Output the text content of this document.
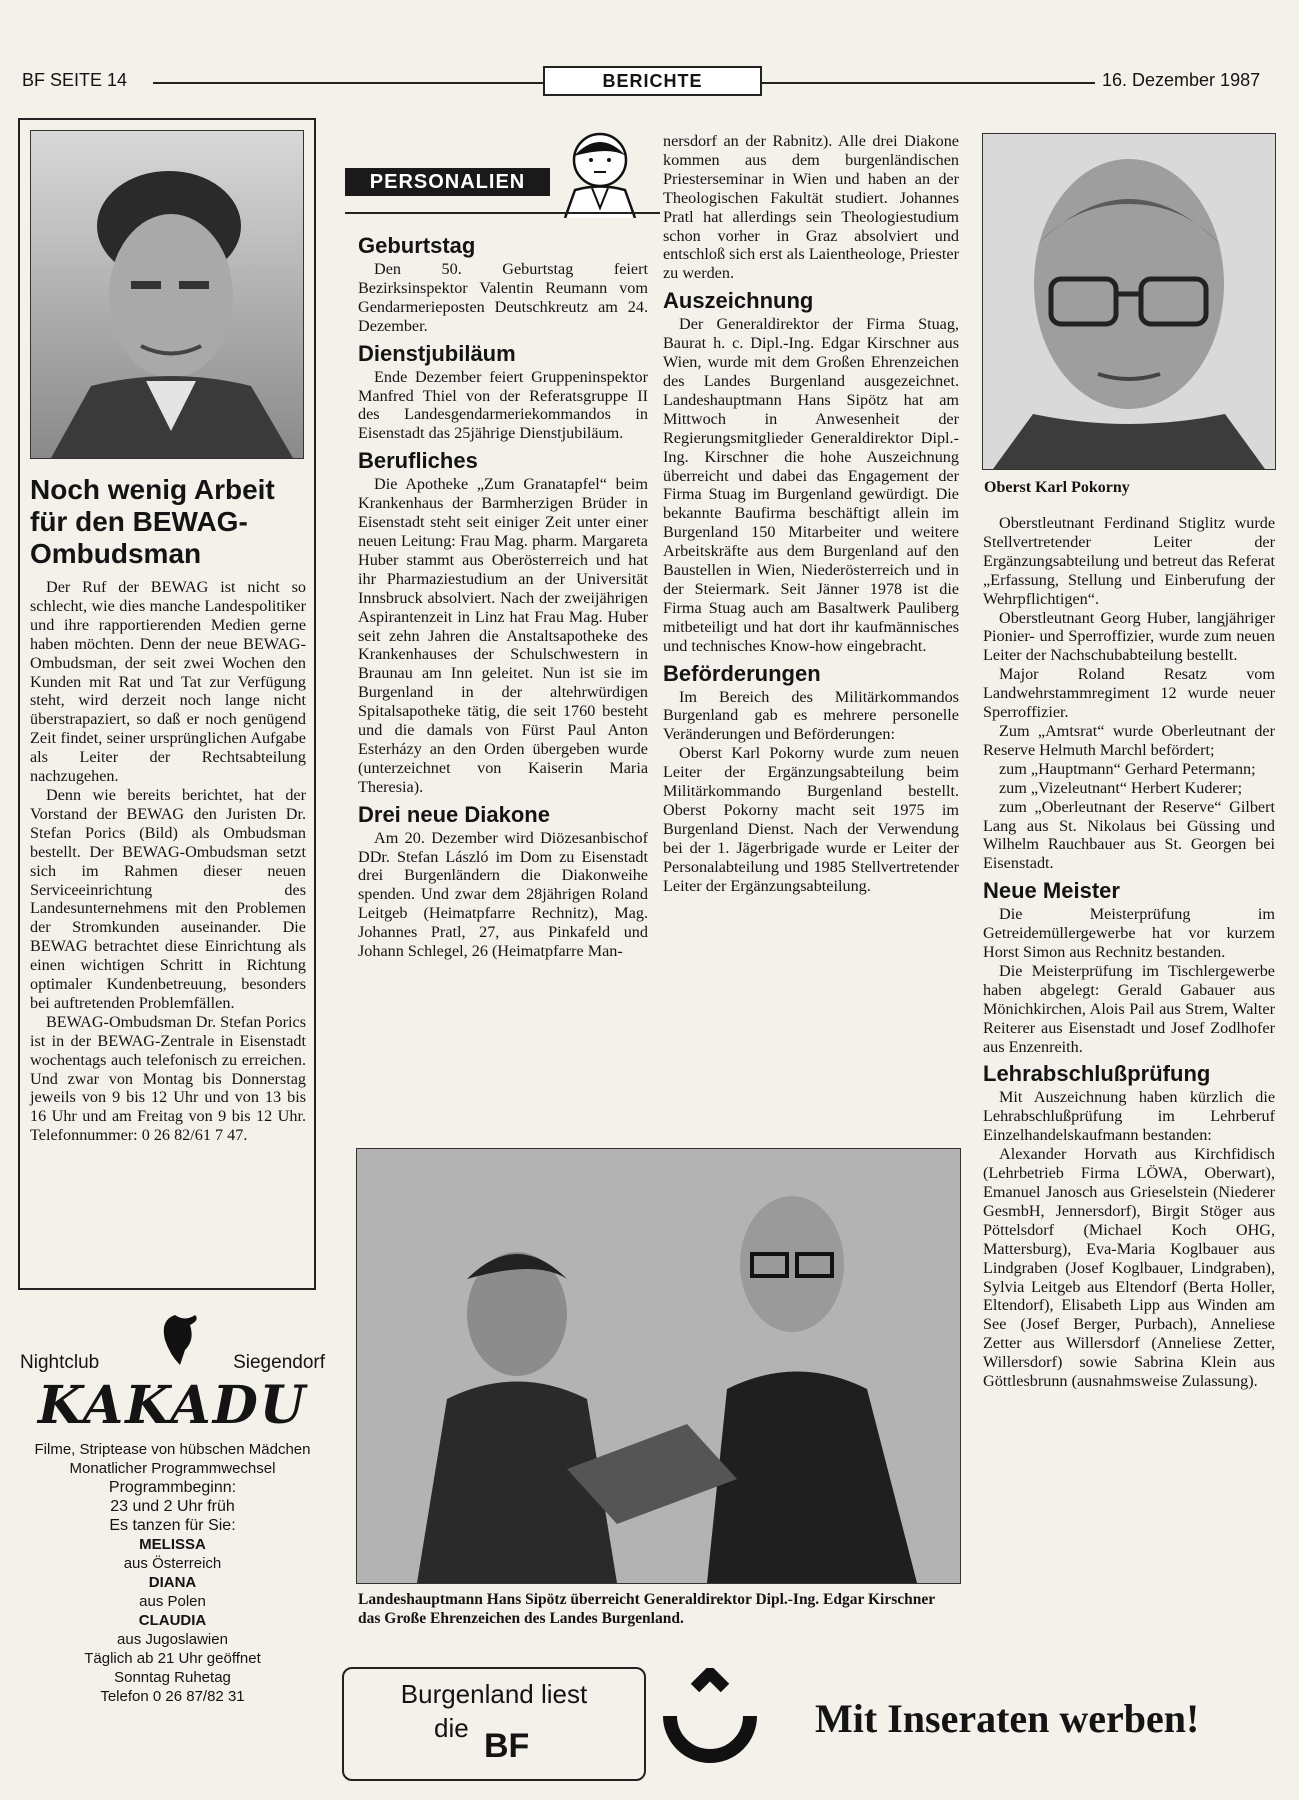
BF SEITE 14	BERICHTE	16. Dezember 1987
Noch wenig Arbeit für den BEWAG-Ombudsman

Der Ruf der BEWAG ist nicht so schlecht, wie dies manche Landespolitiker und ihre rapportierenden Medien gerne haben möchten. Denn der neue BEWAG-Ombudsman, der seit zwei Wochen den Kunden mit Rat und Tat zur Verfügung steht, wird derzeit noch lange nicht überstrapaziert, so daß er noch genügend Zeit findet, seiner ursprünglichen Aufgabe als Leiter der Rechtsabteilung nachzugehen.

Denn wie bereits berichtet, hat der Vorstand der BEWAG den Juristen Dr. Stefan Porics (Bild) als Ombudsman bestellt. Der BEWAG-Ombudsman setzt sich im Rahmen dieser neuen Serviceeinrichtung des Landesunternehmens mit den Problemen der Stromkunden auseinander. Die BEWAG betrachtet diese Einrichtung als einen wichtigen Schritt in Richtung optimaler Kundenbetreuung, besonders bei auftretenden Problemfällen.

BEWAG-Ombudsman Dr. Stefan Porics ist in der BEWAG-Zentrale in Eisenstadt wochentags auch telefonisch zu erreichen. Und zwar von Montag bis Donnerstag jeweils von 9 bis 12 Uhr und von 13 bis 16 Uhr und am Freitag von 9 bis 12 Uhr. Telefonnummer: 0 26 82/61 7 47.

Nightclub	Siegendorf
KAKADU
Filme, Striptease von hübschen Mädchen
Monatlicher Programmwechsel
Programmbeginn:
23 und 2 Uhr früh
Es tanzen für Sie:
MELISSA
aus Österreich
DIANA
aus Polen
CLAUDIA
aus Jugoslawien
Täglich ab 21 Uhr geöffnet
Sonntag Ruhetag
Telefon 0 26 87/82 31
PERSONALIEN
Geburtstag

Den 50. Geburtstag feiert Bezirksinspektor Valentin Reumann vom Gendarmerieposten Deutschkreutz am 24. Dezember.

Dienstjubiläum

Ende Dezember feiert Gruppeninspektor Manfred Thiel von der Referatsgruppe II des Landesgendarmeriekommandos in Eisenstadt das 25jährige Dienstjubiläum.

Berufliches

Die Apotheke „Zum Granatapfel“ beim Krankenhaus der Barmherzigen Brüder in Eisenstadt steht seit einiger Zeit unter einer neuen Leitung: Frau Mag. pharm. Margareta Huber stammt aus Oberösterreich und hat ihr Pharmaziestudium an der Universität Innsbruck absolviert. Nach der zweijährigen Aspirantenzeit in Linz hat Frau Mag. Huber seit zehn Jahren die Anstaltsapotheke des Krankenhauses der Schulschwestern in Braunau am Inn geleitet. Nun ist sie im Burgenland in der altehrwürdigen Spitalsapotheke tätig, die seit 1760 besteht und die damals von Fürst Paul Anton Esterházy an den Orden übergeben wurde (unterzeichnet von Kaiserin Maria Theresia).

Drei neue Diakone

Am 20. Dezember wird Diözesanbischof DDr. Stefan László im Dom zu Eisenstadt drei Burgenländern die Diakonweihe spenden. Und zwar dem 28jährigen Roland Leitgeb (Heimatpfarre Rechnitz), Mag. Johannes Pratl, 27, aus Pinkafeld und Johann Schlegel, 26 (Heimatpfarre Man-

nersdorf an der Rabnitz). Alle drei Diakone kommen aus dem burgenländischen Priesterseminar in Wien und haben an der Theologischen Fakultät studiert. Johannes Pratl hat allerdings sein Theologiestudium schon vorher in Graz absolviert und entschloß sich erst als Laientheologe, Priester zu werden.

Auszeichnung

Der Generaldirektor der Firma Stuag, Baurat h. c. Dipl.-Ing. Edgar Kirschner aus Wien, wurde mit dem Großen Ehrenzeichen des Landes Burgenland ausgezeichnet. Landeshauptmann Hans Sipötz hat am Mittwoch in Anwesenheit der Regierungsmitglieder Generaldirektor Dipl.-Ing. Kirschner die hohe Auszeichnung überreicht und dabei das Engagement der Firma Stuag im Burgenland gewürdigt. Die bekannte Baufirma beschäftigt allein im Burgenland 150 Mitarbeiter und weitere Arbeitskräfte aus dem Burgenland auf den Baustellen in Wien, Niederösterreich und in der Steiermark. Seit Jänner 1978 ist die Firma Stuag auch am Basaltwerk Pauliberg mitbeteiligt und hat dort ihr kaufmännisches und technisches Know-how eingebracht.

Beförderungen

Im Bereich des Militärkommandos Burgenland gab es mehrere personelle Veränderungen und Beförderungen:

Oberst Karl Pokorny wurde zum neuen Leiter der Ergänzungsabteilung beim Militärkommando Burgenland bestellt. Oberst Pokorny macht seit 1975 im Burgenland Dienst. Nach der Verwendung bei der 1. Jägerbrigade wurde er Leiter der Personalabteilung und 1985 Stellvertretender Leiter der Ergänzungsabteilung.

Oberst Karl Pokorny

Oberstleutnant Ferdinand Stiglitz wurde Stellvertretender Leiter der Ergänzungsabteilung und betreut das Referat „Erfassung, Stellung und Einberufung der Wehrpflichtigen“.

Oberstleutnant Georg Huber, langjähriger Pionier- und Sperroffizier, wurde zum neuen Leiter der Nachschubabteilung bestellt.

Major Roland Resatz vom Landwehrstammregiment 12 wurde neuer Sperroffizier.

Zum „Amtsrat“ wurde Oberleutnant der Reserve Helmuth Marchl befördert;

zum „Hauptmann“ Gerhard Petermann;

zum „Vizeleutnant“ Herbert Kuderer;

zum „Oberleutnant der Reserve“ Gilbert Lang aus St. Nikolaus bei Güssing und Wilhelm Rauchbauer aus St. Georgen bei Eisenstadt.

Neue Meister

Die Meisterprüfung im Getreidemüllergewerbe hat vor kurzem Horst Simon aus Rechnitz bestanden.

Die Meisterprüfung im Tischlergewerbe haben abgelegt: Gerald Gabauer aus Mönichkirchen, Alois Pail aus Strem, Walter Reiterer aus Eisenstadt und Josef Zodlhofer aus Enzenreith.

Lehrabschlußprüfung

Mit Auszeichnung haben kürzlich die Lehrabschlußprüfung im Lehrberuf Einzelhandelskaufmann bestanden:

Alexander Horvath aus Kirchfidisch (Lehrbetrieb Firma LÖWA, Oberwart), Emanuel Janosch aus Grieselstein (Niederer GesmbH, Jennersdorf), Birgit Stöger aus Pöttelsdorf (Michael Koch OHG, Mattersburg), Eva-Maria Koglbauer aus Lindgraben (Josef Koglbauer, Lindgraben), Sylvia Leitgeb aus Eltendorf (Berta Holler, Eltendorf), Elisabeth Lipp aus Winden am See (Josef Berger, Purbach), Anneliese Zetter aus Willersdorf (Anneliese Zetter, Willersdorf) sowie Sabrina Klein aus Göttlesbrunn (ausnahmsweise Zulassung).

Landeshauptmann Hans Sipötz überreicht Generaldirektor Dipl.-Ing. Edgar Kirschner das Große Ehrenzeichen des Landes Burgenland.
Burgenland liest
die BF
Mit Inseraten werben!
